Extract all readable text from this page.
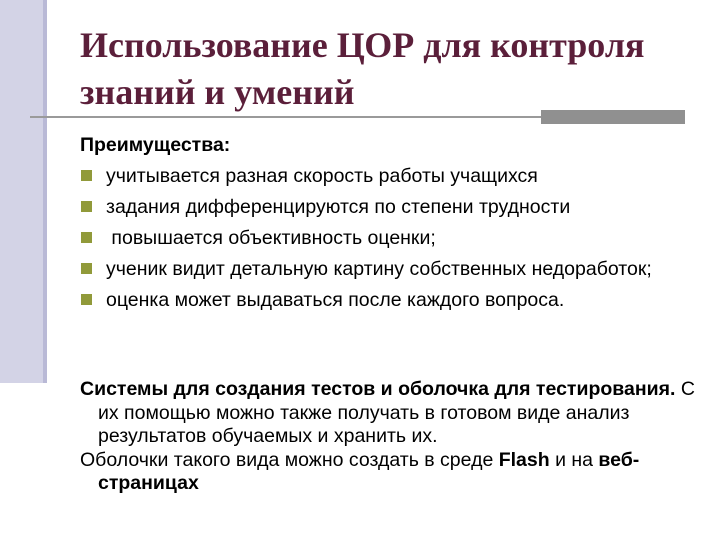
Использование ЦОР для контроля знаний и умений
Преимущества:
учитывается разная скорость работы учащихся
задания дифференцируются по степени трудности
повышается объективность оценки;
ученик видит детальную картину собственных недоработок;
оценка может выдаваться после каждого вопроса.

Системы для создания тестов и оболочка для тестирования. С их помощью можно также получать в готовом виде анализ результатов обучаемых и хранить их.

Оболочки такого вида можно создать в среде Flash и на веб-страницах
